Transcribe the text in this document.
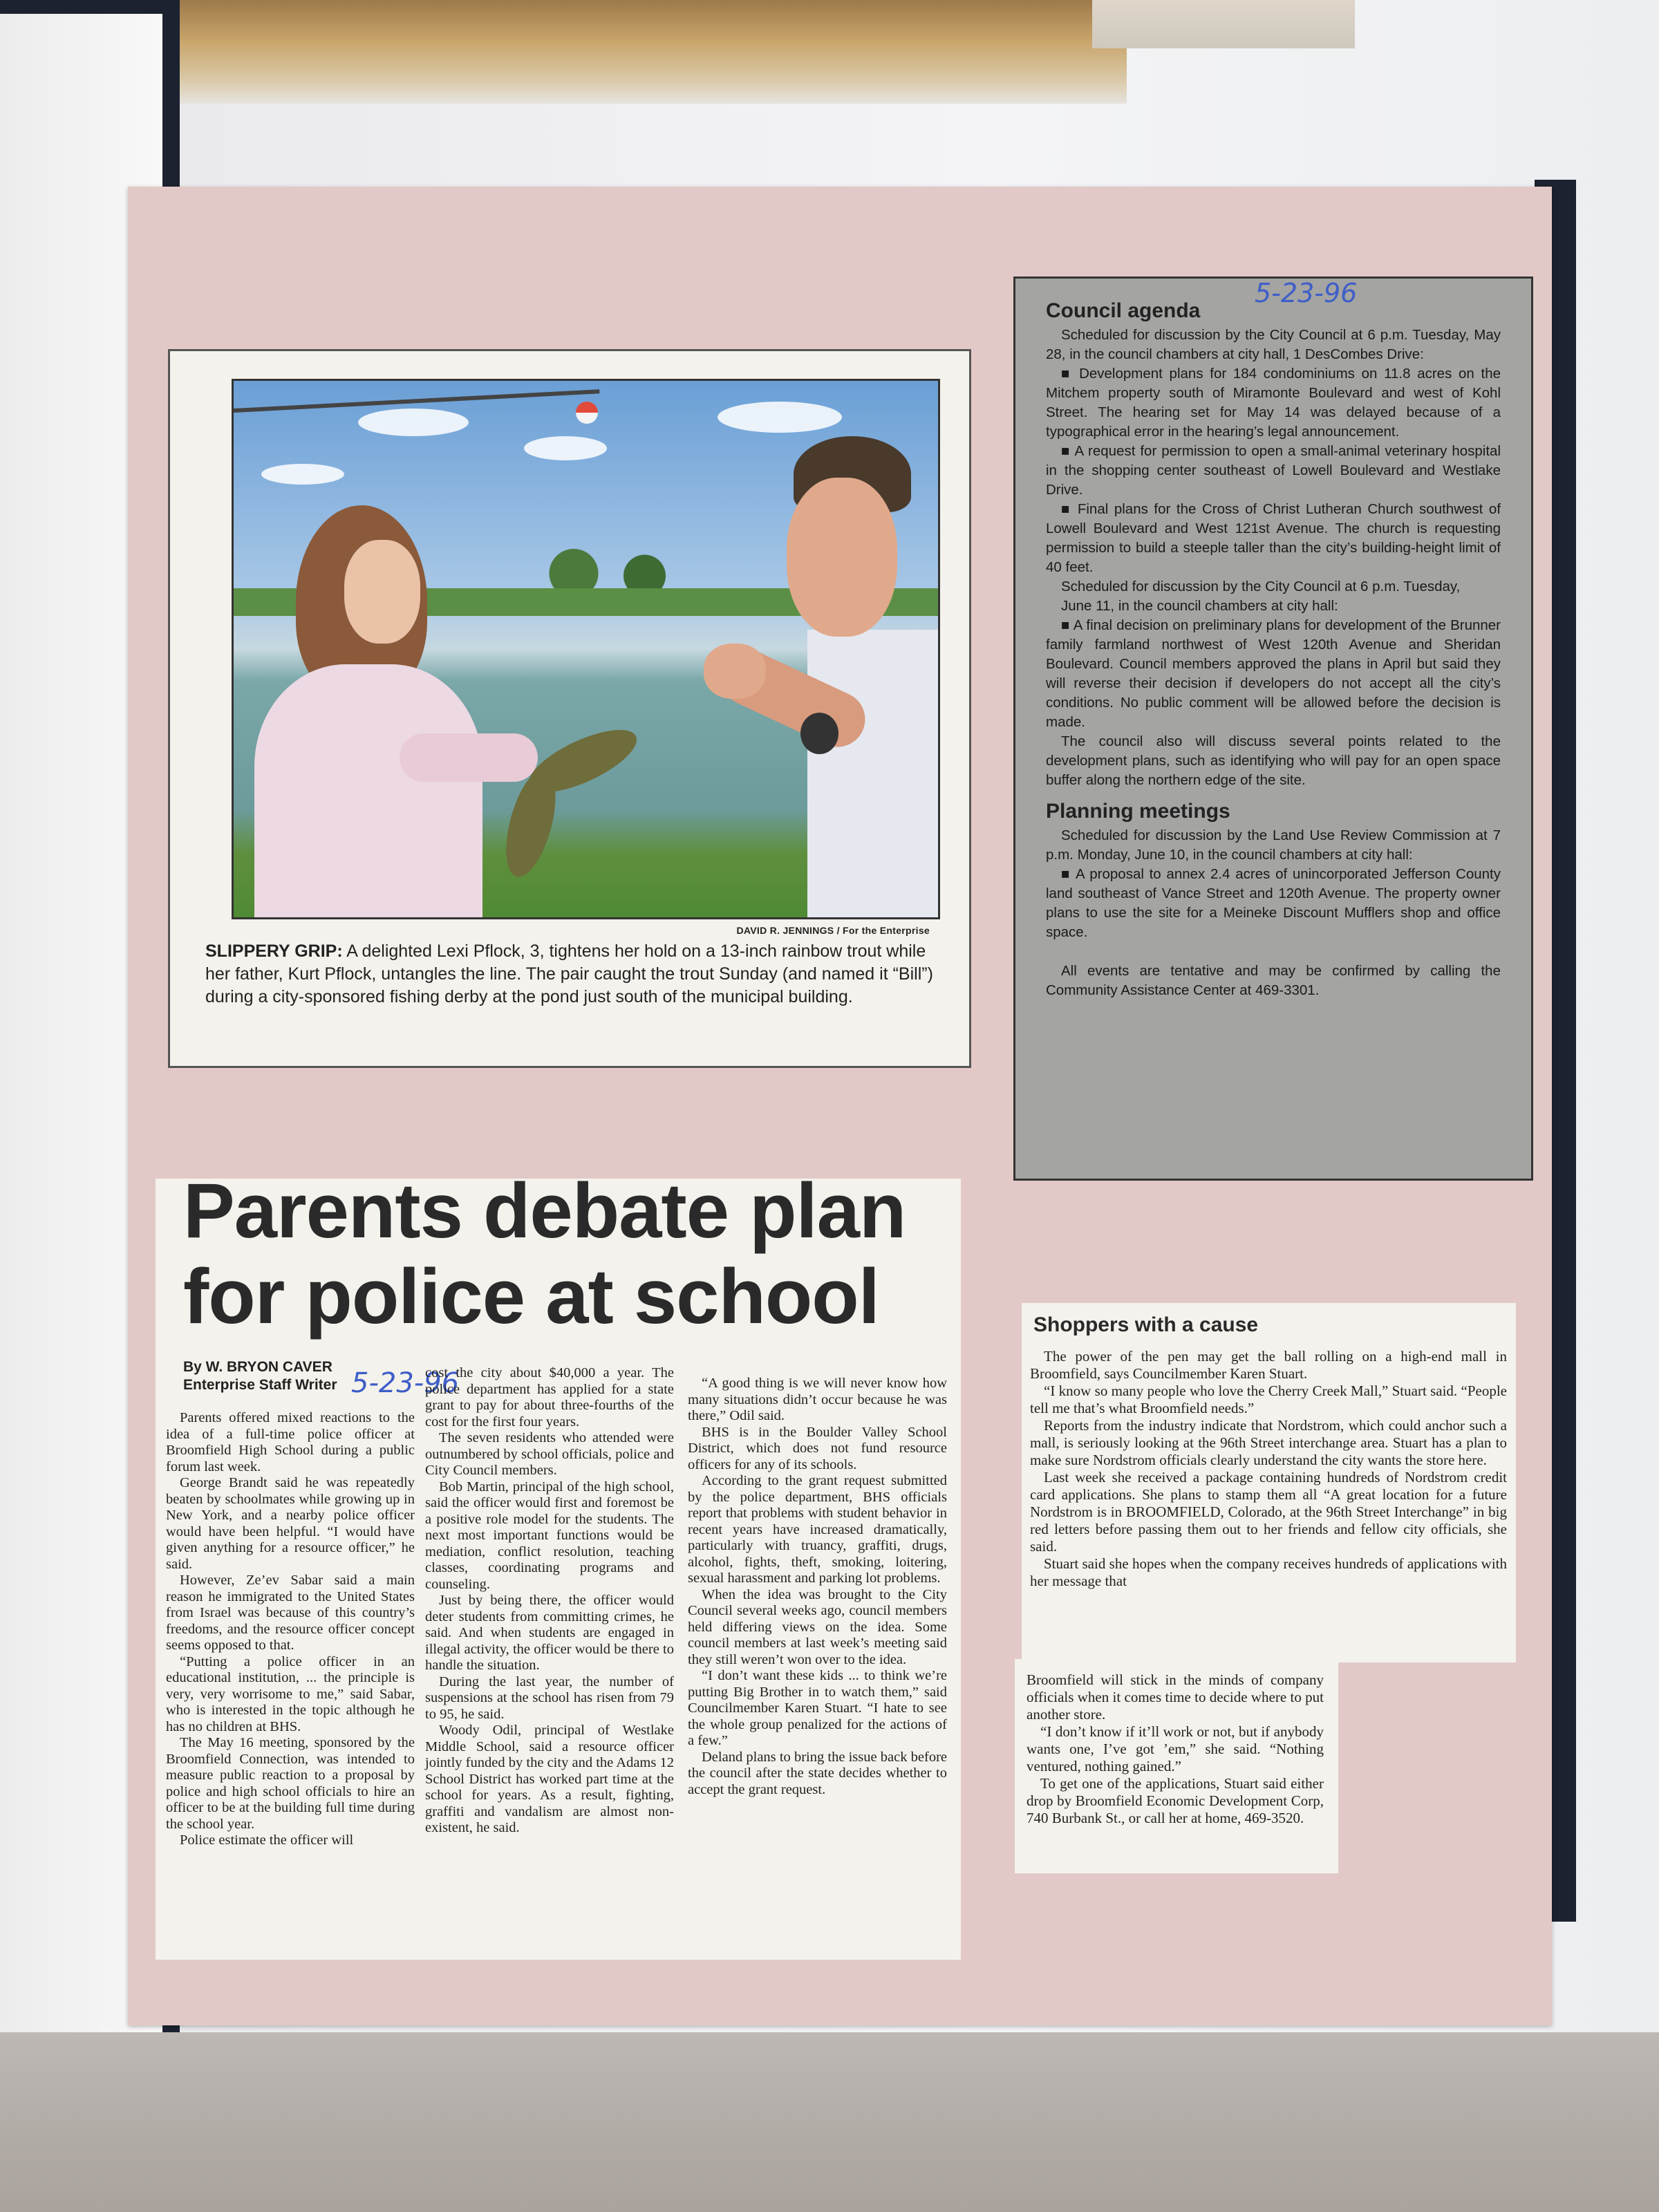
DAVID R. JENNINGS / For the Enterprise
SLIPPERY GRIP: A delighted Lexi Pflock, 3, tightens her hold on a 13-inch rainbow trout while her father, Kurt Pflock, untangles the line. The pair caught the trout Sunday (and named it “Bill”) during a city-sponsored fishing derby at the pond just south of the municipal building.
Council agenda

Scheduled for discussion by the City Council at 6 p.m. Tuesday, May 28, in the council chambers at city hall, 1 DesCombes Drive:

■ Development plans for 184 condominiums on 11.8 acres on the Mitchem property south of Miramonte Boulevard and west of Kohl Street. The hearing set for May 14 was delayed because of a typographical error in the hearing’s legal announcement.

■ A request for permission to open a small-animal veterinary hospital in the shopping center southeast of Lowell Boulevard and Westlake Drive.

■ Final plans for the Cross of Christ Lutheran Church southwest of Lowell Boulevard and West 121st Avenue. The church is requesting permission to build a steeple taller than the city’s building-height limit of 40 feet.

Scheduled for discussion by the City Council at 6 p.m. Tuesday,

June 11, in the council chambers at city hall:

■ A final decision on preliminary plans for development of the Brunner family farmland northwest of West 120th Avenue and Sheridan Boulevard. Council members approved the plans in April but said they will reverse their decision if developers do not accept all the city’s conditions. No public comment will be allowed before the decision is made.

The council also will discuss several points related to the development plans, such as identifying who will pay for an open space buffer along the northern edge of the site.

Planning meetings

Scheduled for discussion by the Land Use Review Commission at 7 p.m. Monday, June 10, in the council chambers at city hall:

■ A proposal to annex 2.4 acres of unincorporated Jefferson County land southeast of Vance Street and 120th Avenue. The property owner plans to use the site for a Meineke Discount Mufflers shop and office space.

All events are tentative and may be confirmed by calling the Community Assistance Center at 469-3301.

5-23-96
Parents debate plan
for police at school
By W. BRYON CAVER
Enterprise Staff Writer 5-23-96

Parents offered mixed reactions to the idea of a full-time police officer at Broomfield High School during a public forum last week.

George Brandt said he was repeatedly beaten by schoolmates while growing up in New York, and a nearby police officer would have been helpful. “I would have given anything for a resource officer,” he said.

However, Ze’ev Sabar said a main reason he immigrated to the United States from Israel was because of this country’s freedoms, and the resource officer concept seems opposed to that.

“Putting a police officer in an educational institution, ... the principle is very, very worrisome to me,” said Sabar, who is interested in the topic although he has no children at BHS.

The May 16 meeting, sponsored by the Broomfield Connection, was intended to measure public reaction to a proposal by police and high school officials to hire an officer to be at the building full time during the school year.

Police estimate the officer will

cost the city about $40,000 a year. The police department has applied for a state grant to pay for about three-fourths of the cost for the first four years.

The seven residents who attended were outnumbered by school officials, police and City Council members.

Bob Martin, principal of the high school, said the officer would first and foremost be a positive role model for the students. The next most important functions would be mediation, conflict resolution, teaching classes, coordinating programs and counseling.

Just by being there, the officer would deter students from committing crimes, he said. And when students are engaged in illegal activity, the officer would be there to handle the situation.

During the last year, the number of suspensions at the school has risen from 79 to 95, he said.

Woody Odil, principal of Westlake Middle School, said a resource officer jointly funded by the city and the Adams 12 School District has worked part time at the school for years. As a result, fighting, graffiti and vandalism are almost non-existent, he said.

“A good thing is we will never know how many situations didn’t occur because he was there,” Odil said.

BHS is in the Boulder Valley School District, which does not fund resource officers for any of its schools.

According to the grant request submitted by the police department, BHS officials report that problems with student behavior in recent years have increased dramatically, particularly with truancy, graffiti, drugs, alcohol, fights, theft, smoking, loitering, sexual harassment and parking lot problems.

When the idea was brought to the City Council several weeks ago, council members held differing views on the idea. Some council members at last week’s meeting said they still weren’t won over to the idea.

“I don’t want these kids ... to think we’re putting Big Brother in to watch them,” said Councilmember Karen Stuart. “I hate to see the whole group penalized for the actions of a few.”

Deland plans to bring the issue back before the council after the state decides whether to accept the grant request.

Shoppers with a cause

The power of the pen may get the ball rolling on a high-end mall in Broomfield, says Councilmember Karen Stuart.

“I know so many people who love the Cherry Creek Mall,” Stuart said. “People tell me that’s what Broomfield needs.”

Reports from the industry indicate that Nordstrom, which could anchor such a mall, is seriously looking at the 96th Street interchange area. Stuart has a plan to make sure Nordstrom officials clearly understand the city wants the store here.

Last week she received a package containing hundreds of Nordstrom credit card applications. She plans to stamp them all “A great location for a future Nordstrom is in BROOMFIELD, Colorado, at the 96th Street Interchange” in big red letters before passing them out to her friends and fellow city officials, she said.

Stuart said she hopes when the company receives hundreds of applications with her message that

Broomfield will stick in the minds of company officials when it comes time to decide where to put another store.

“I don’t know if it’ll work or not, but if anybody wants one, I’ve got ’em,” she said. “Nothing ventured, nothing gained.”

To get one of the applications, Stuart said either drop by Broomfield Economic Development Corp, 740 Burbank St., or call her at home, 469-3520.
